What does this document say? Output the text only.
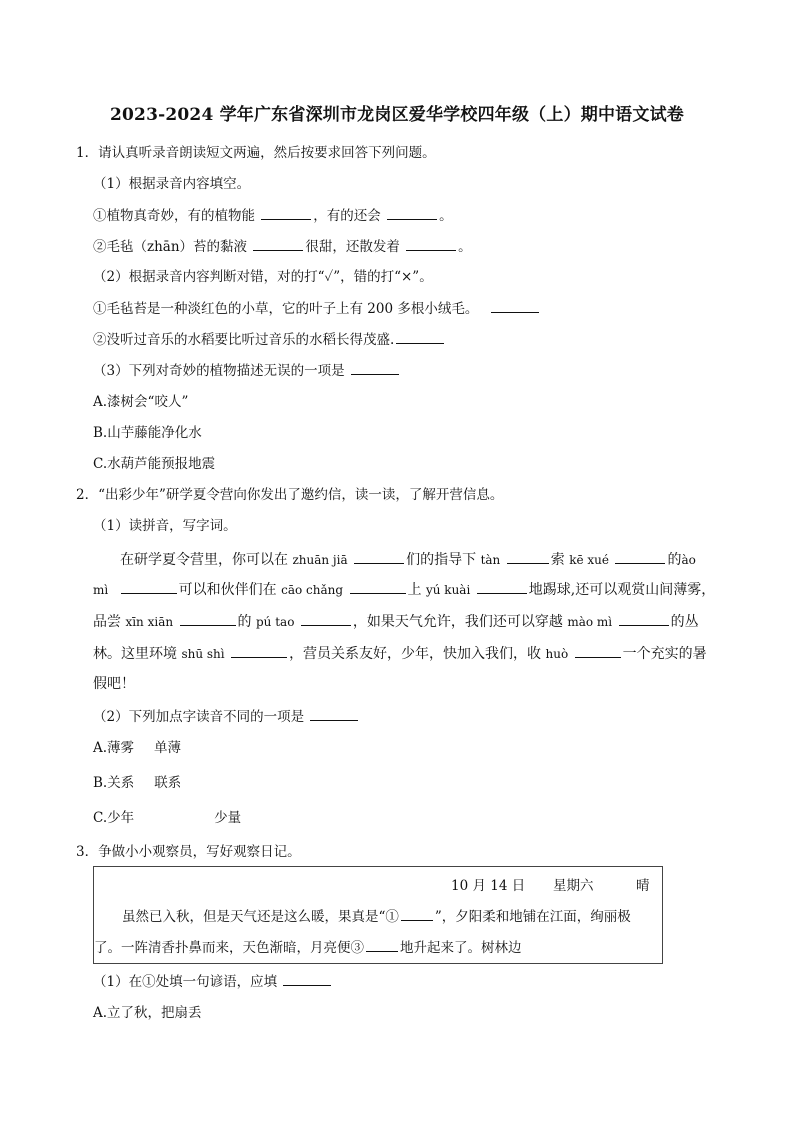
2023-2024 学年广东省深圳市龙岗区爱华学校四年级（上）期中语文试卷
1．请认真听录音朗读短文两遍，然后按要求回答下列问题。
（1）根据录音内容填空。
①植物真奇妙，有的植物能	，有的还会	。
②毛毡（zhān）苔的黏液	很甜，还散发着	。
（2）根据录音内容判断对错，对的打“✓”，错的打“×”。
①毛毡苔是一种淡红色的小草，它的叶子上有 200 多根小绒毛。
②没听过音乐的水稻要比听过音乐的水稻长得茂盛.
（3）下列对奇妙的植物描述无误的一项是
A.漆树会“咬人”
B.山芋藤能净化水
C.水葫芦能预报地震
2．“出彩少年”研学夏令营向你发出了邀约信，读一读，了解开营信息。
（1）读拼音，写字词。
在研学夏令营里，你可以在 zhuān jiā	们的指导下 tàn	索 kē xué	的ào
mì	可以和伙伴们在 cāo chǎng	上 yú kuài	地踢球,还可以观赏山间薄雾，
品尝 xīn xiān	的 pú tao	，如果天气允许，我们还可以穿越 mào mì	的丛
林。这里环境 shū shì	，营员关系友好，少年，快加入我们，收 huò	一个充实的暑
假吧！
（2）下列加点字读音不同的一项是
A.薄雾 单薄
B.关系 联系
C.少年	少量
3．争做小小观察员，写好观察日记。
10 月 14 日 星期六	晴
虽然已入秋，但是天气还是这么暖，果真是“①	”，夕阳柔和地铺在江面，绚丽极
了。一阵清香扑鼻而来，天色渐暗，月亮便③	地升起来了。树林边
（1）在①处填一句谚语，应填
A.立了秋，把扇丢
